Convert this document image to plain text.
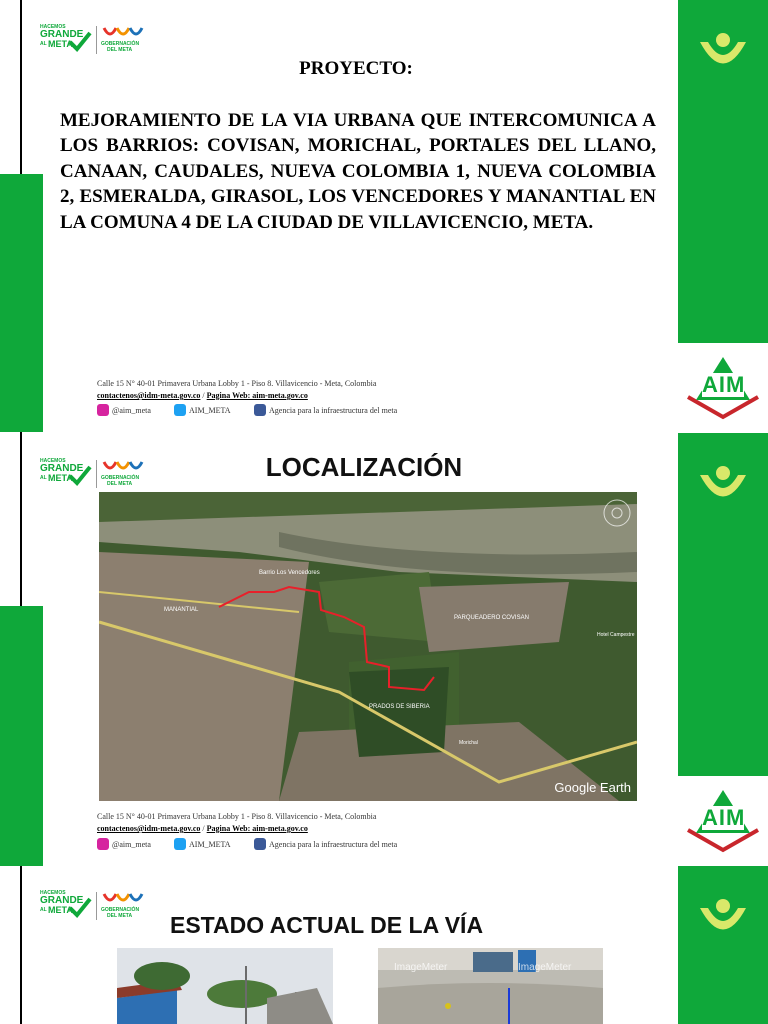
AIM
AIM
HACEMOS
GRANDE
AL META	GOBERNACIÓN
DEL META
HACEMOS
GRANDE
AL META	GOBERNACIÓN
DEL META
HACEMOS
GRANDE
AL META	GOBERNACIÓN
DEL META
PROYECTO:
MEJORAMIENTO DE LA VIA URBANA QUE INTERCOMUNICA A LOS BARRIOS: COVISAN, MORICHAL, PORTALES DEL LLANO, CANAAN, CAUDALES, NUEVA COLOMBIA 1, NUEVA COLOMBIA 2, ESMERALDA, GIRASOL, LOS VENCEDORES Y MANANTIAL EN LA COMUNA 4 DE LA CIUDAD DE VILLAVICENCIO, META.
Calle 15 N° 40-01 Primavera Urbana Lobby 1 - Piso 8. Villavicencio - Meta, Colombia
contactenos@idm-meta.gov.co / Pagina Web: aim-meta.gov.co
@aim_meta	AIM_META	Agencia para la infraestructura del meta
LOCALIZACIÓN
Barrio Los Vencedores
MANANTIAL
PARQUEADERO COVISAN
Hotel Campestre
PRADOS DE SIBERIA
Morichal
Google Earth
Calle 15 N° 40-01 Primavera Urbana Lobby 1 - Piso 8. Villavicencio - Meta, Colombia
contactenos@idm-meta.gov.co / Pagina Web: aim-meta.gov.co
@aim_meta	AIM_META	Agencia para la infraestructura del meta
ESTADO ACTUAL DE LA VÍA
ImageMeter	ImageMeter
